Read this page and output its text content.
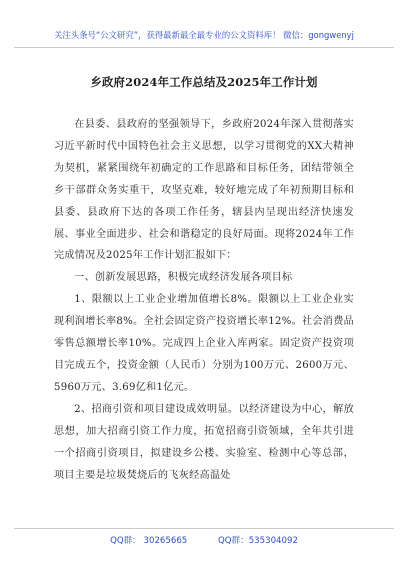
关注头条号“公文研究”，获得最新最全最专业的公文资料库！ 微信：gongwenyj
乡政府2024年工作总结及2025年工作计划

在县委、县政府的坚强领导下，乡政府2024年深入贯彻落实习近平新时代中国特色社会主义思想，以学习贯彻党的XX大精神为契机，紧紧围绕年初确定的工作思路和目标任务，团结带领全乡干部群众务实重干，攻坚克难，较好地完成了年初预期目标和县委、县政府下达的各项工作任务，辖县内呈现出经济快速发展、事业全面进步、社会和谐稳定的良好局面。现将2024年工作完成情况及2025年工作计划汇报如下：

一、创新发展思路，积极完成经济发展各项目标

1、限额以上工业企业增加值增长8%。限额以上工业企业实现利润增长率8%。全社会固定资产投资增长率12%。社会消费品零售总额增长率10%。完成四上企业入库两家。固定资产投资项目完成五个，投资金额（人民币）分别为100万元、2600万元、5960万元、3.69亿和1亿元。

2、招商引资和项目建设成效明显。以经济建设为中心，解放思想，加大招商引资工作力度，拓宽招商引资领域，全年共引进一个招商引资项目，拟建设乡公楼、实验室、检测中心等总部，项目主要是垃圾焚烧后的飞灰经高温处

QQ群： 30265665	QQ群：535304092
